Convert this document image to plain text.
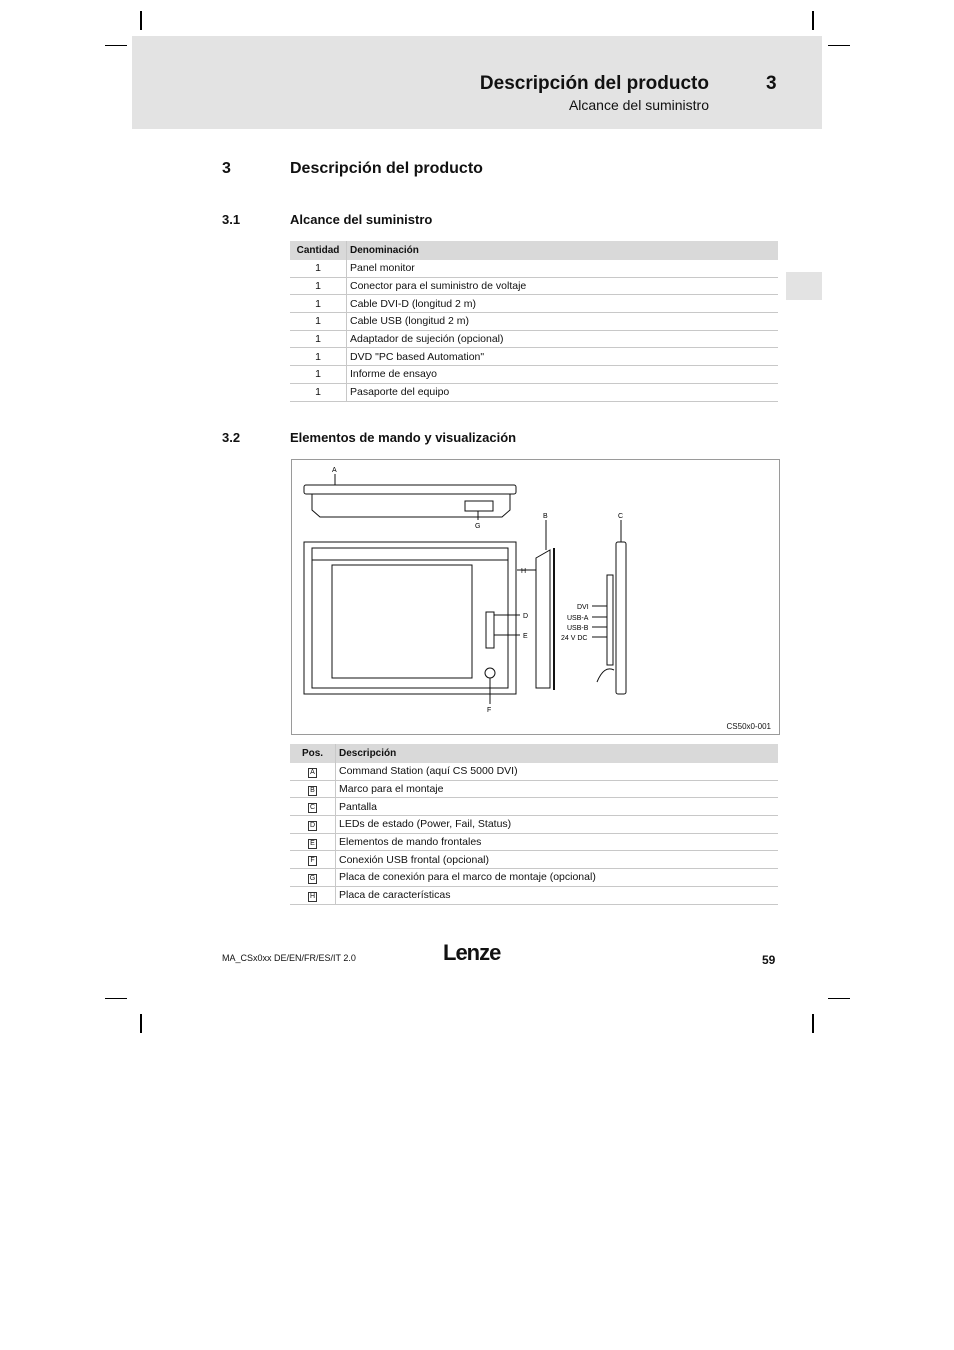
Descripción del producto	3
Alcance del suministro
3	Descripción del producto
3.1	Alcance del suministro
Cantidad	Denominación
1	Panel monitor
1	Conector para el suministro de voltaje
1	Cable DVI-D (longitud 2 m)
1	Cable USB (longitud 2 m)
1	Adaptador de sujeción (opcional)
1	DVD "PC based Automation"
1	Informe de ensayo
1	Pasaporte del equipo
3.2	Elementos de mando y visualización
A
G
D
E
F
B
H
C
DVI
USB-A
USB-B
24 V DC
CS50x0-001
Pos.	Descripción
A	Command Station (aquí CS 5000 DVI)
B	Marco para el montaje
C	Pantalla
D	LEDs de estado (Power, Fail, Status)
E	Elementos de mando frontales
F	Conexión USB frontal (opcional)
G	Placa de conexión para el marco de montaje (opcional)
H	Placa de características
MA_CSx0xx DE/EN/FR/ES/IT 2.0	Lenze	59
